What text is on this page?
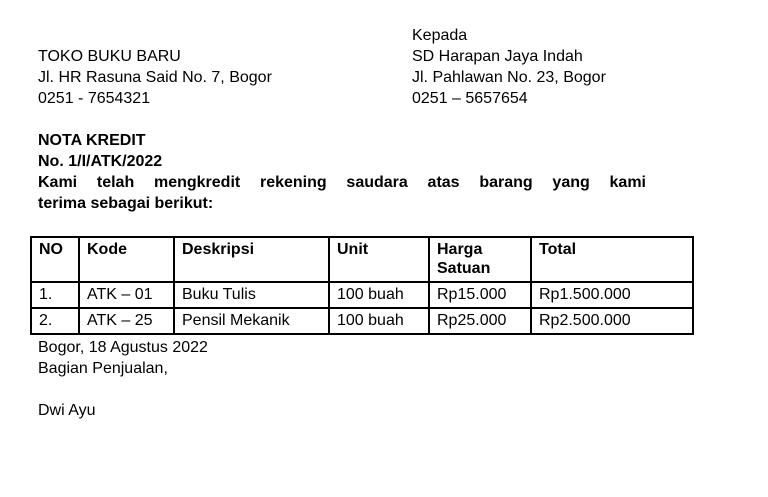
TOKO BUKU BARU
Jl. HR Rasuna Said No. 7, Bogor
0251 - 7654321
Kepada
SD Harapan Jaya Indah
Jl. Pahlawan No. 23, Bogor
0251 – 5657654
NOTA KREDIT
No. 1/I/ATK/2022
Kami telah mengkredit rekening saudara atas barang yang kami
terima sebagai berikut:
NO	Kode	Deskripsi	Unit	Harga Satuan	Total
1.	ATK – 01	Buku Tulis	100 buah	Rp15.000	Rp1.500.000
2.	ATK – 25	Pensil Mekanik	100 buah	Rp25.000	Rp2.500.000
Bogor, 18 Agustus 2022
Bagian Penjualan,
Dwi Ayu
